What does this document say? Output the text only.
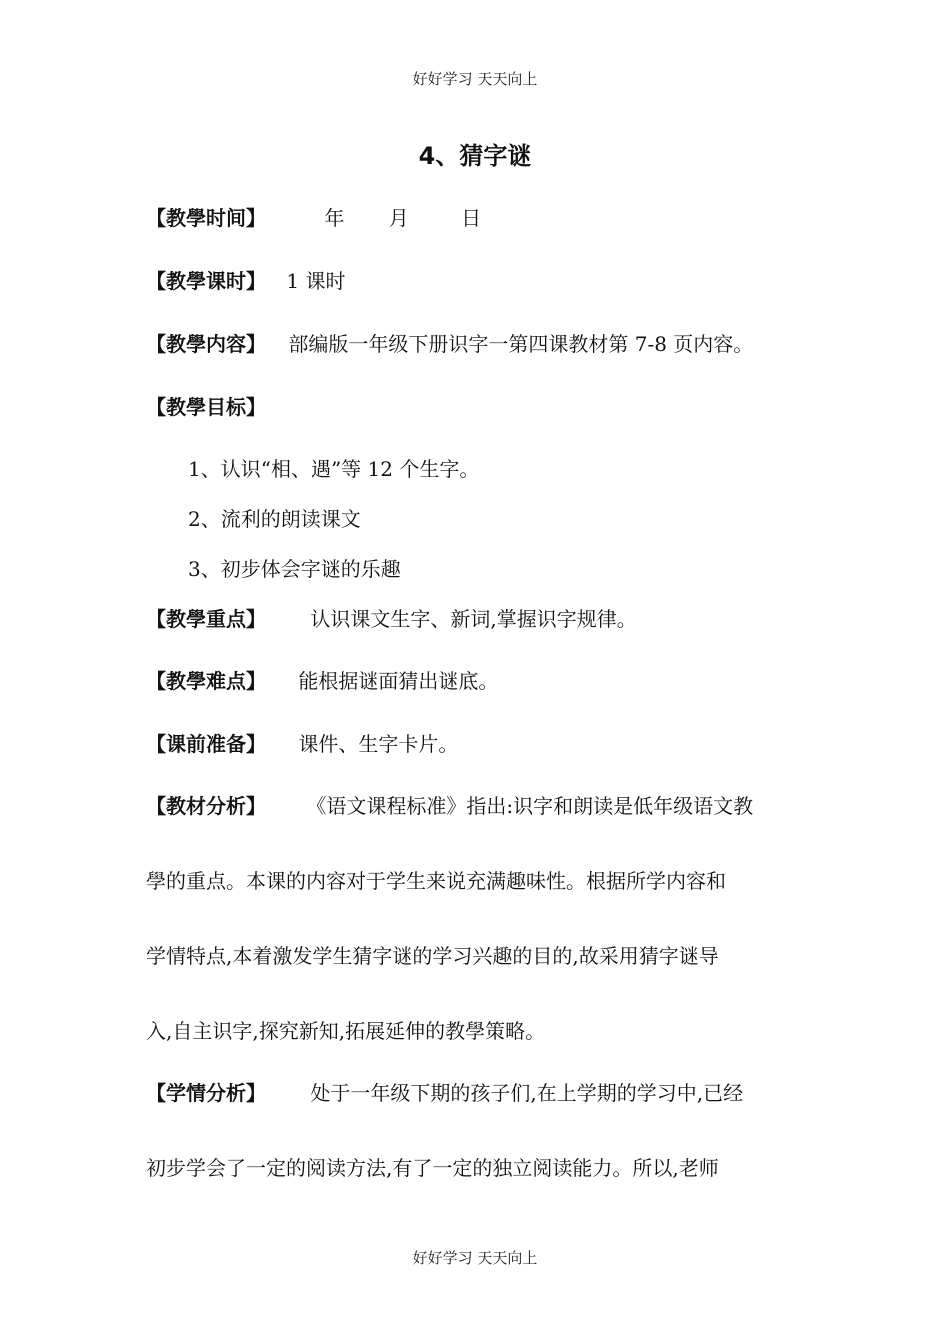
好好学习 天天向上
4、猜字谜
【教學时间】	年 月	日
【教學课时】 1 课时
【教學内容】 部编版一年级下册识字一第四课教材第 7-8 页内容。
【教學目标】
1、认识“相、遇”等 12 个生字。
2、流利的朗读课文
3、初步体会字谜的乐趣
【教學重点】 认识课文生字、新词,掌握识字规律。
【教學难点】 能根据谜面猜出谜底。
【课前准备】 课件、生字卡片。
【教材分析】 《语文课程标准》指出:识字和朗读是低年级语文教
學的重点。本课的内容对于学生来说充满趣味性。根据所学内容和
学情特点,本着激发学生猜字谜的学习兴趣的目的,故采用猜字谜导
入,自主识字,探究新知,拓展延伸的教學策略。
【学情分析】 处于一年级下期的孩子们,在上学期的学习中,已经
初步学会了一定的阅读方法,有了一定的独立阅读能力。所以,老师
好好学习 天天向上
